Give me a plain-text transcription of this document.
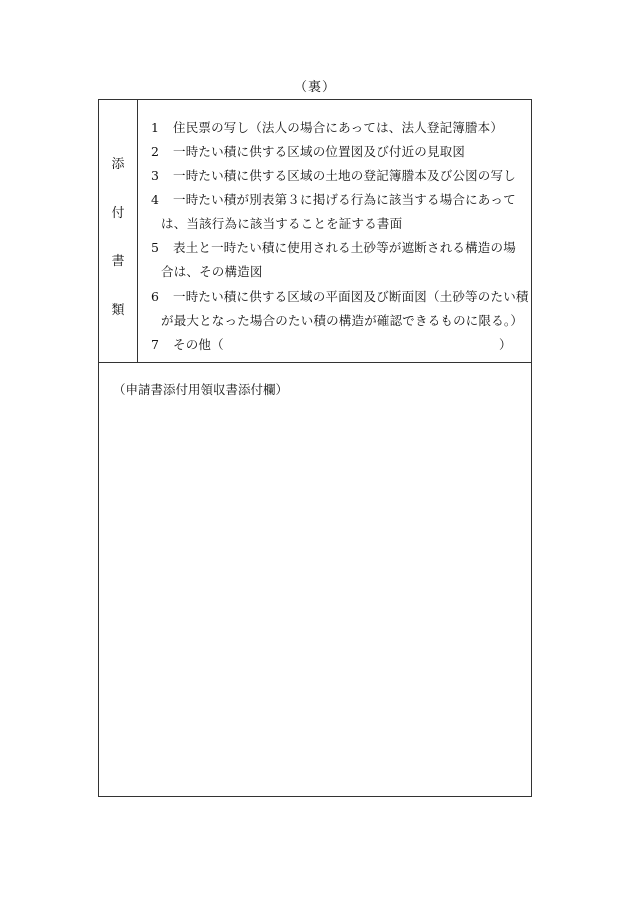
（裏）
添
付
書
類
1 住民票の写し（法人の場合にあっては、法人登記簿謄本）
2 一時たい積に供する区域の位置図及び付近の見取図
3 一時たい積に供する区域の土地の登記簿謄本及び公図の写し
4 一時たい積が別表第３に掲げる行為に該当する場合にあって
は、当該行為に該当することを証する書面
5 表土と一時たい積に使用される土砂等が遮断される構造の場
合は、その構造図
6 一時たい積に供する区域の平面図及び断面図（土砂等のたい積
が最大となった場合のたい積の構造が確認できるものに限る。）
7 その他（	）
（申請書添付用領収書添付欄）
